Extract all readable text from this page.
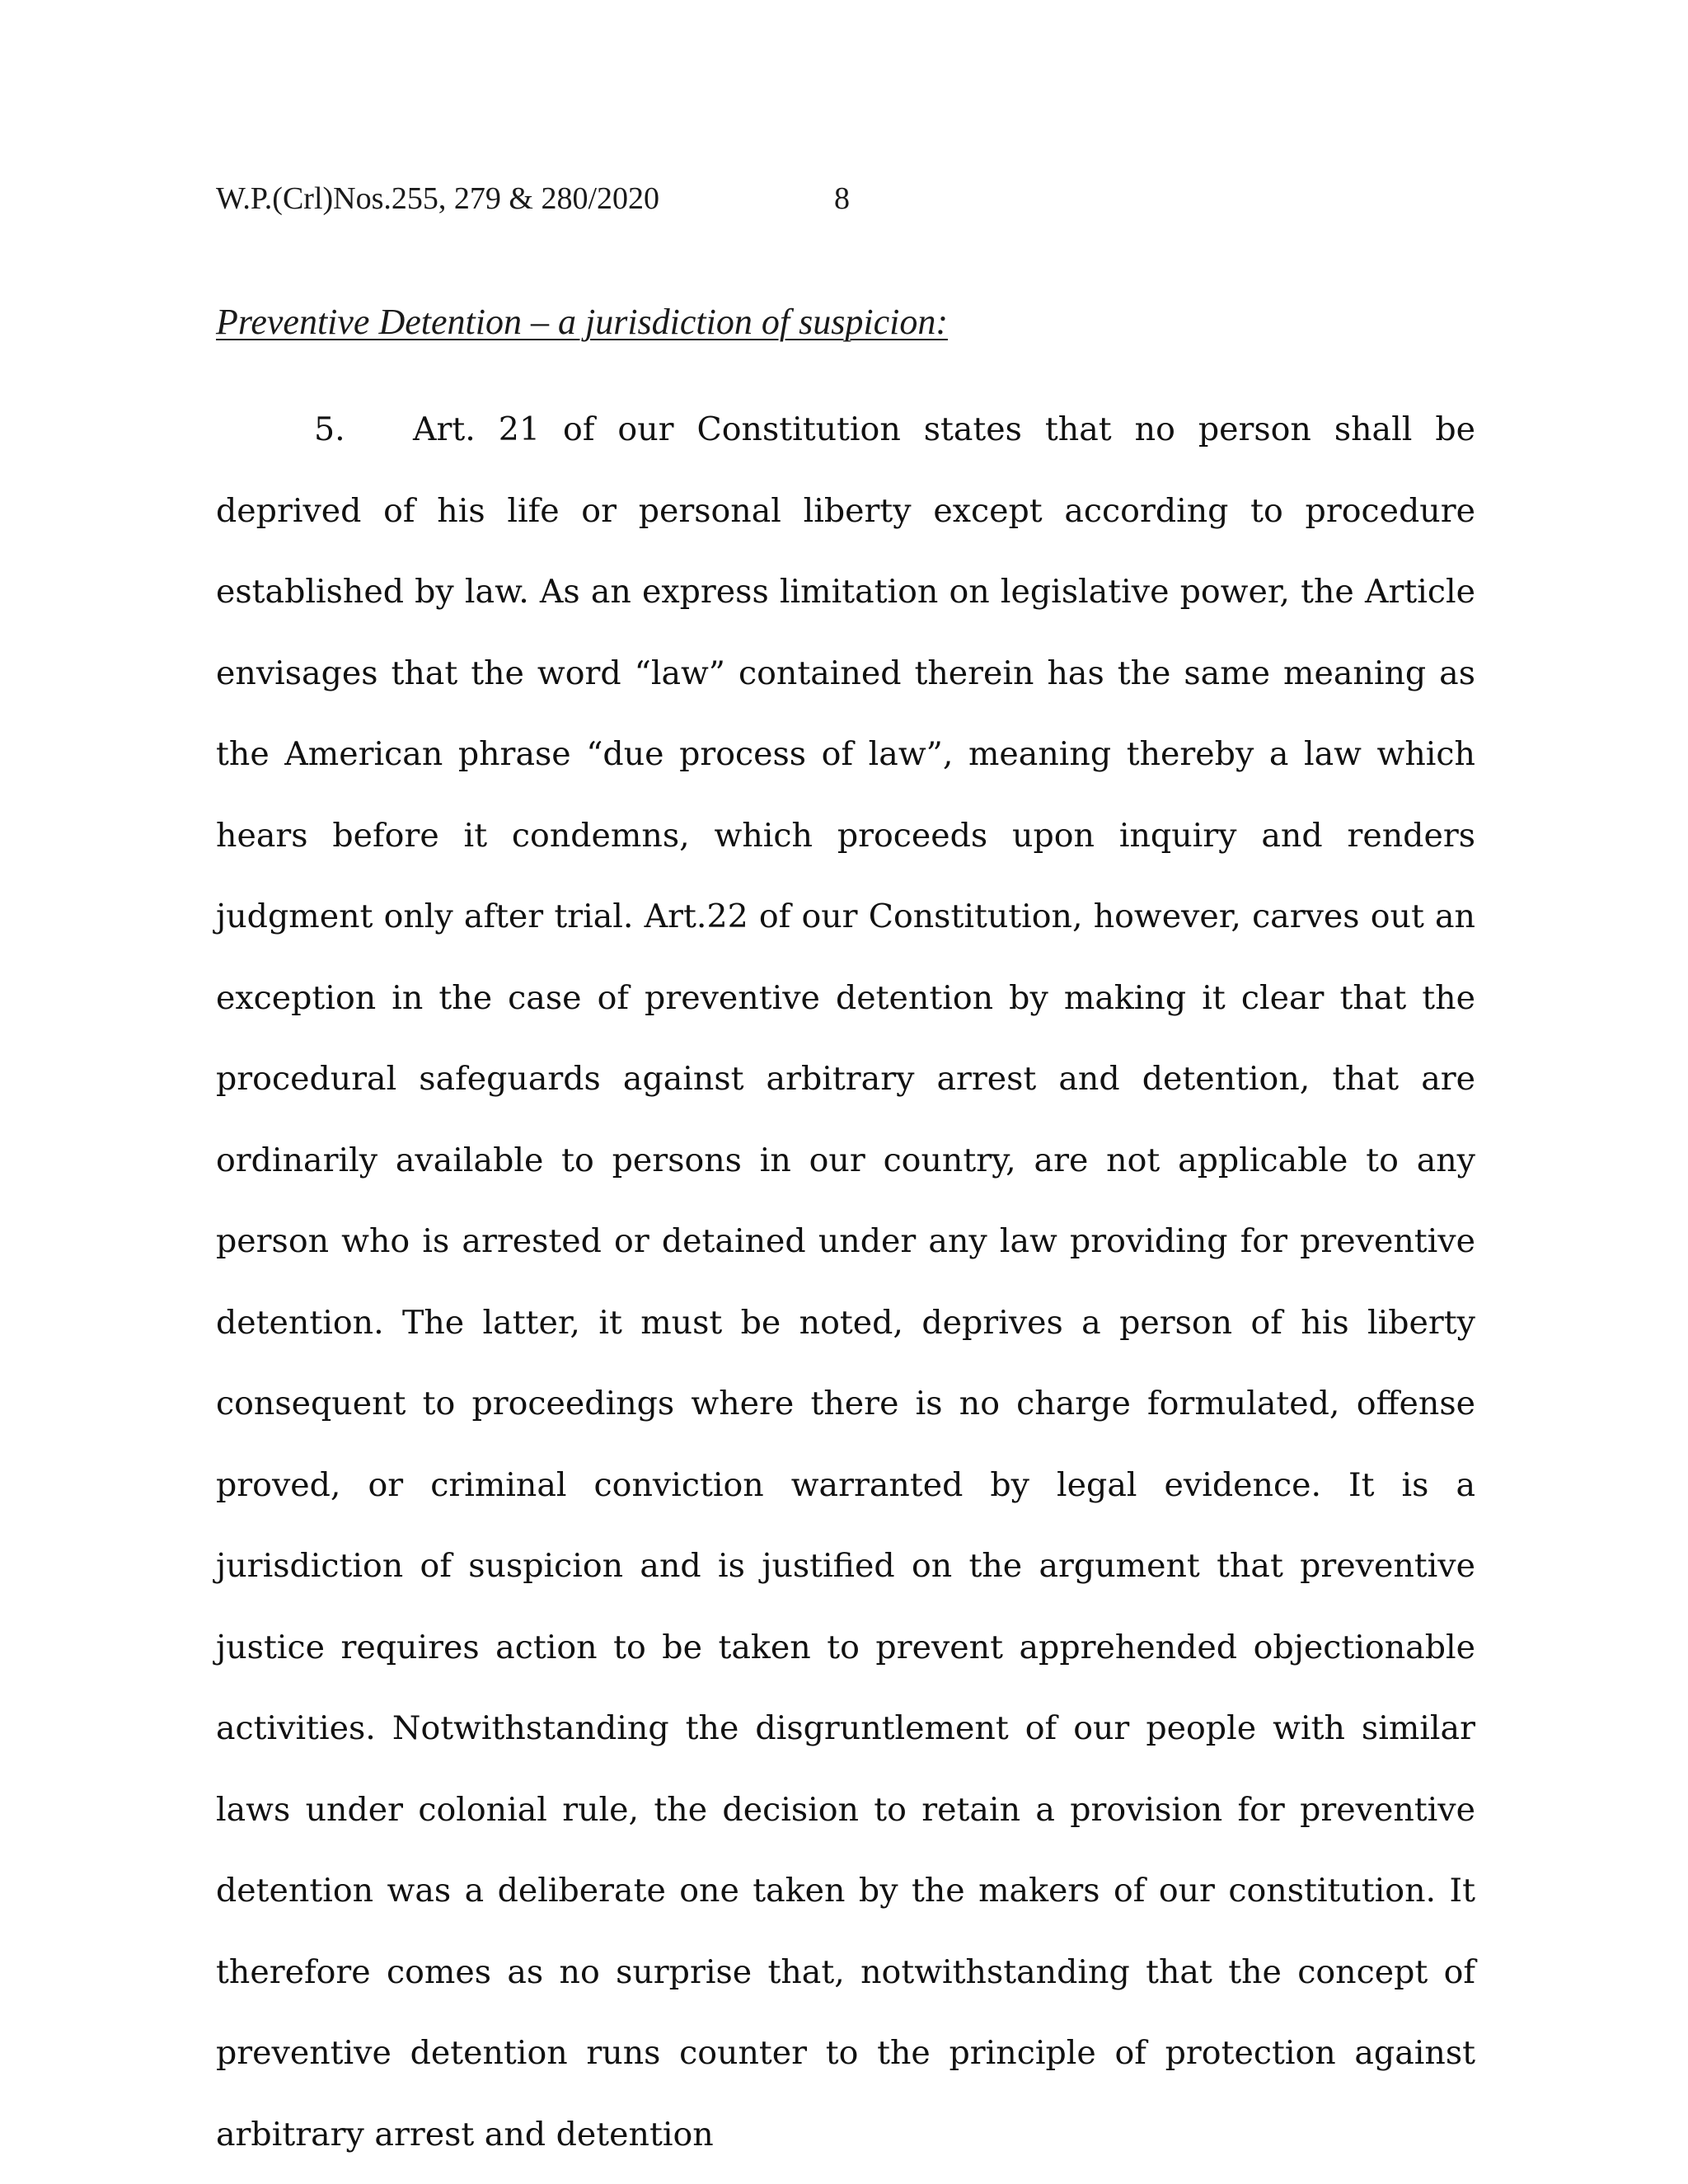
W.P.(Crl)Nos.255, 279 & 280/2020	8
Preventive Detention – a jurisdiction of suspicion:

5. Art. 21 of our Constitution states that no person shall be deprived of his life or personal liberty except according to procedure established by law. As an express limitation on legislative power, the Article envisages that the word “law” contained therein has the same meaning as the American phrase “due process of law”, meaning thereby a law which hears before it condemns, which proceeds upon inquiry and renders judgment only after trial. Art.22 of our Constitution, however, carves out an exception in the case of preventive detention by making it clear that the procedural safeguards against arbitrary arrest and detention, that are ordinarily available to persons in our country, are not applicable to any person who is arrested or detained under any law providing for preventive detention. The latter, it must be noted, deprives a person of his liberty consequent to proceedings where there is no charge formulated, offense proved, or criminal conviction warranted by legal evidence. It is a jurisdiction of suspicion and is justified on the argument that preventive justice requires action to be taken to prevent apprehended objectionable activities. Notwithstanding the disgruntlement of our people with similar laws under colonial rule, the decision to retain a provision for preventive detention was a deliberate one taken by the makers of our constitution. It therefore comes as no surprise that, notwithstanding that the concept of preventive detention runs counter to the principle of protection against arbitrary arrest and detention
